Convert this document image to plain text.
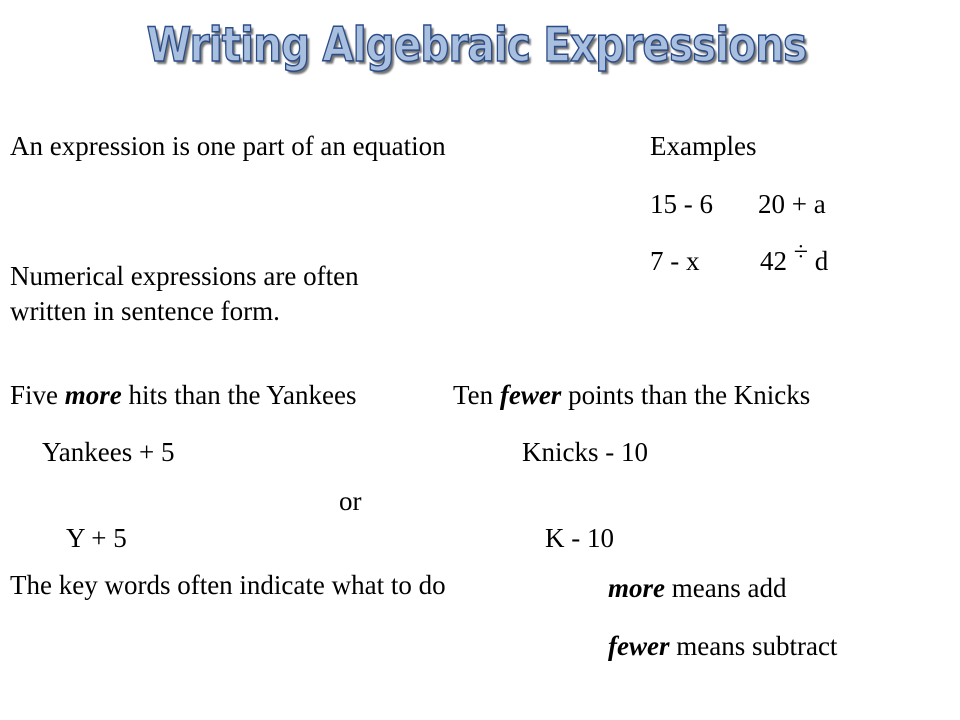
Writing Algebraic Expressions

An expression is one part of an equation	Examples

15 - 6 20 + a

7 - x 42 ÷ d

Numerical expressions are often

written in sentence form.

Five more hits than the Yankees	Ten fewer points than the Knicks

Yankees + 5	Knicks - 10

or

Y + 5	K - 10

The key words often indicate what to do	more means add

fewer means subtract
